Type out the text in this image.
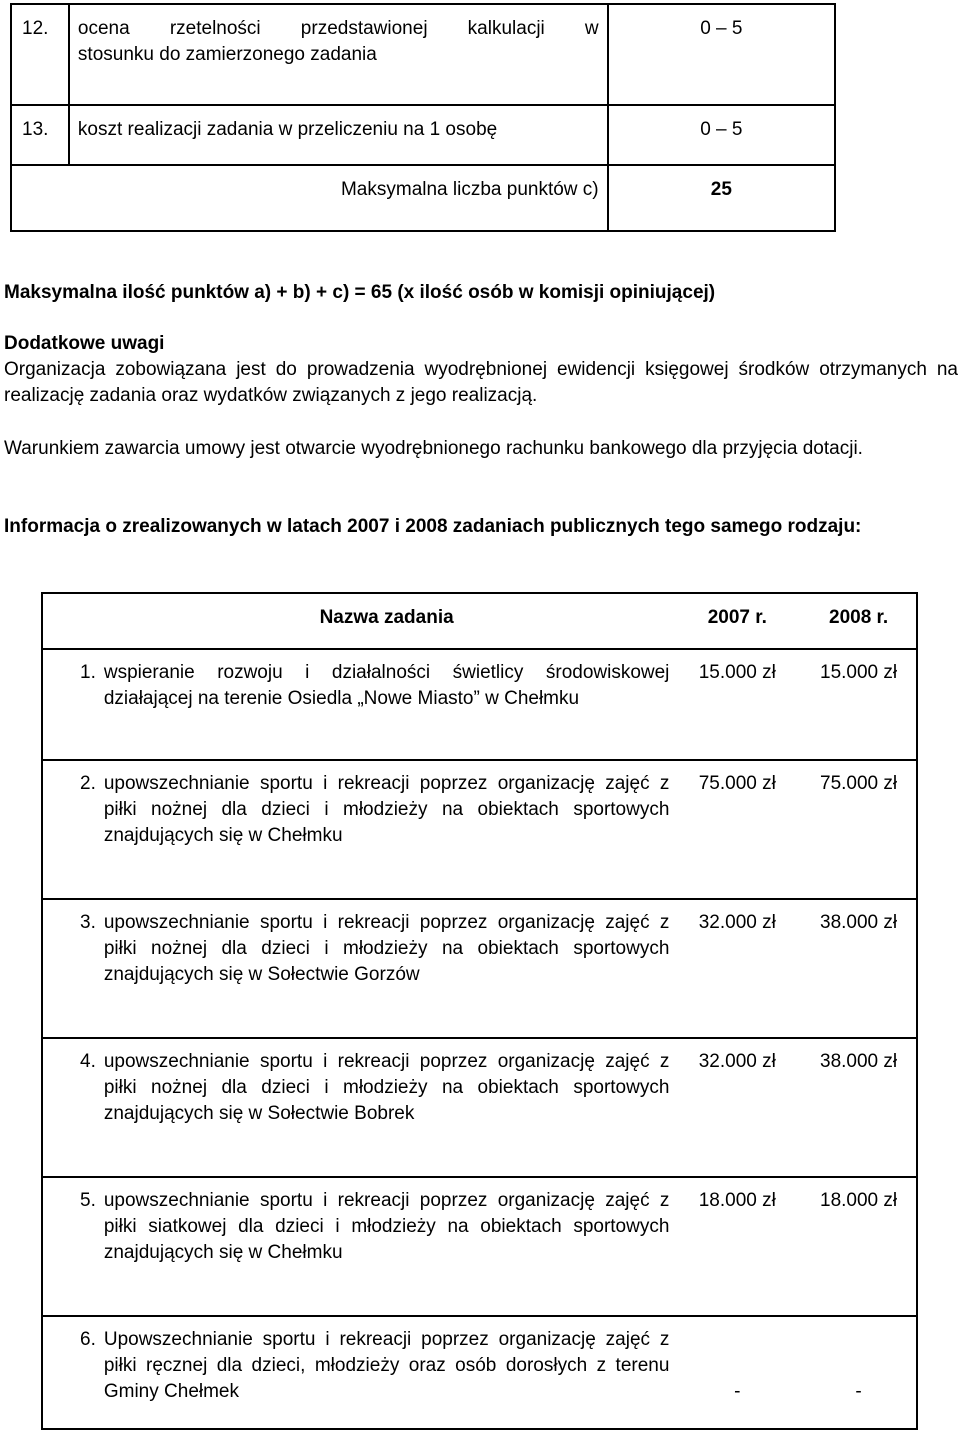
12.	ocena rzetelności przedstawionej kalkulacji w
stosunku do zamierzonego zadania	0 – 5
13.	koszt realizacji zadania w przeliczeniu na 1 osobę	0 – 5
Maksymalna liczba punktów c)		25
Maksymalna ilość punktów a) + b) + c) = 65 (x ilość osób w komisji opiniującej)
Dodatkowe uwagi
Organizacja zobowiązana jest do prowadzenia wyodrębnionej ewidencji księgowej środków otrzymanych na realizację zadania oraz wydatków związanych z jego realizacją.
Warunkiem zawarcia umowy jest otwarcie wyodrębnionego rachunku bankowego dla przyjęcia dotacji.
Informacja o zrealizowanych w latach 2007 i 2008 zadaniach publicznych tego samego rodzaju:
	Nazwa zadania	2007 r.	2008 r.
1.	wspieranie rozwoju i działalności świetlicy środowiskowej działającej na terenie Osiedla „Nowe Miasto” w Chełmku	15.000 zł	15.000 zł
2.	upowszechnianie sportu i rekreacji poprzez organizację zajęć z piłki nożnej dla dzieci i młodzieży na obiektach sportowych znajdujących się w Chełmku	75.000 zł	75.000 zł
3.	upowszechnianie sportu i rekreacji poprzez organizację zajęć z piłki nożnej dla dzieci i młodzieży na obiektach sportowych znajdujących się w Sołectwie Gorzów	32.000 zł	38.000 zł
4.	upowszechnianie sportu i rekreacji poprzez organizację zajęć z piłki nożnej dla dzieci i młodzieży na obiektach sportowych znajdujących się w Sołectwie Bobrek	32.000 zł	38.000 zł
5.	upowszechnianie sportu i rekreacji poprzez organizację zajęć z piłki siatkowej dla dzieci i młodzieży na obiektach sportowych znajdujących się w Chełmku	18.000 zł	18.000 zł
6.	Upowszechnianie sportu i rekreacji poprzez organizację zajęć z piłki ręcznej dla dzieci, młodzieży oraz osób dorosłych z terenu Gminy Chełmek	-	-
